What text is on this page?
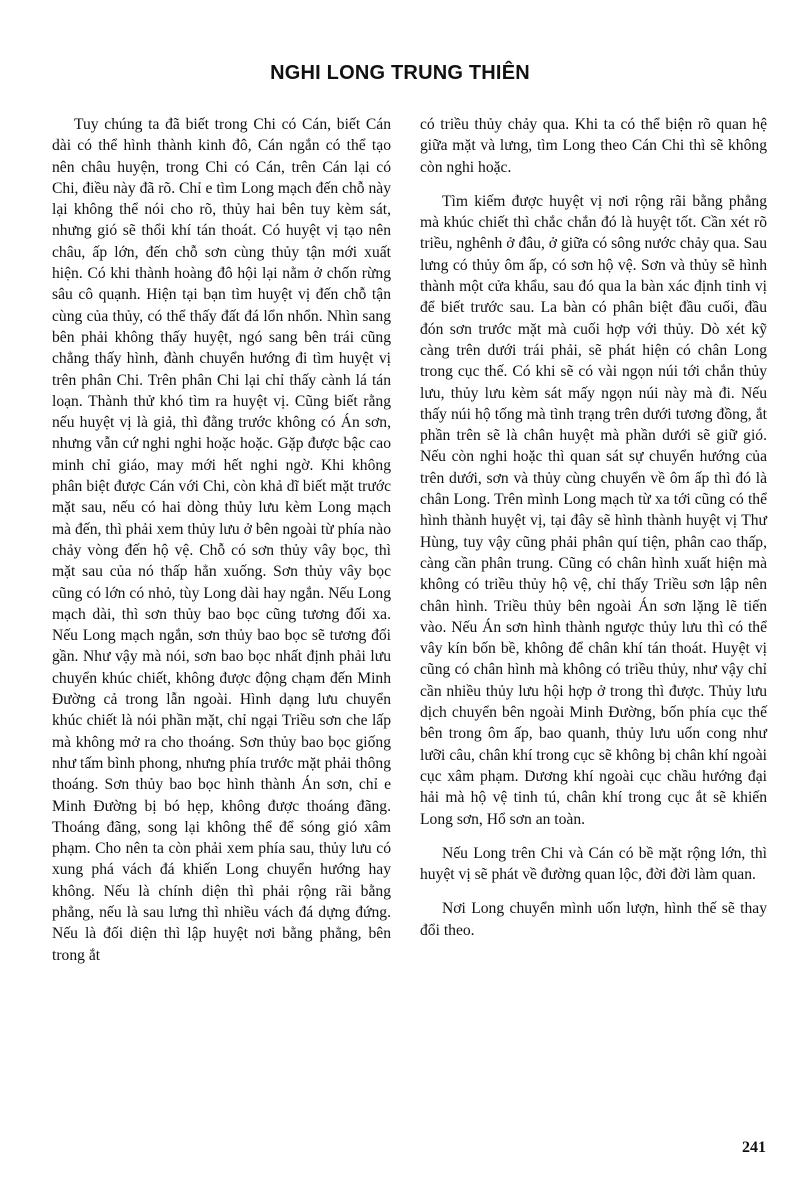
NGHI LONG TRUNG THIÊN

Tuy chúng ta đã biết trong Chi có Cán, biết Cán dài có thể hình thành kinh đô, Cán ngắn có thể tạo nên châu huyện, trong Chi có Cán, trên Cán lại có Chi, điều này đã rõ. Chỉ e tìm Long mạch đến chỗ này lại không thể nói cho rõ, thủy hai bên tuy kèm sát, nhưng gió sẽ thổi khí tán thoát. Có huyệt vị tạo nên châu, ấp lớn, đến chỗ sơn cùng thủy tận mới xuất hiện. Có khi thành hoàng đô hội lại nằm ở chốn rừng sâu cô quạnh. Hiện tại bạn tìm huyệt vị đến chỗ tận cùng của thủy, có thể thấy đất đá lổn nhổn. Nhìn sang bên phải không thấy huyệt, ngó sang bên trái cũng chẳng thấy hình, đành chuyển hướng đi tìm huyệt vị trên phân Chi. Trên phân Chi lại chỉ thấy cành lá tán loạn. Thành thử khó tìm ra huyệt vị. Cũng biết rằng nếu huyệt vị là giả, thì đằng trước không có Án sơn, nhưng vẫn cứ nghi nghi hoặc hoặc. Gặp được bậc cao minh chỉ giáo, may mới hết nghi ngờ. Khi không phân biệt được Cán với Chi, còn khả dĩ biết mặt trước mặt sau, nếu có hai dòng thủy lưu kèm Long mạch mà đến, thì phải xem thủy lưu ở bên ngoài từ phía nào chảy vòng đến hộ vệ. Chỗ có sơn thủy vây bọc, thì mặt sau của nó thấp hẳn xuống. Sơn thủy vây bọc cũng có lớn có nhỏ, tùy Long dài hay ngắn. Nếu Long mạch dài, thì sơn thủy bao bọc cũng tương đối xa. Nếu Long mạch ngắn, sơn thủy bao bọc sẽ tương đối gần. Như vậy mà nói, sơn bao bọc nhất định phải lưu chuyển khúc chiết, không được động chạm đến Minh Đường cả trong lẫn ngoài. Hình dạng lưu chuyển khúc chiết là nói phần mặt, chỉ ngại Triều sơn che lấp mà không mở ra cho thoáng. Sơn thủy bao bọc giống như tấm bình phong, nhưng phía trước mặt phải thông thoáng. Sơn thủy bao bọc hình thành Án sơn, chỉ e Minh Đường bị bó hẹp, không được thoáng đãng. Thoáng đãng, song lại không thể để sóng gió xâm phạm. Cho nên ta còn phải xem phía sau, thủy lưu có xung phá vách đá khiến Long chuyển hướng hay không. Nếu là chính diện thì phải rộng rãi bằng phẳng, nếu là sau lưng thì nhiều vách đá dựng đứng. Nếu là đối diện thì lập huyệt nơi bằng phẳng, bên trong ắt

có triều thủy chảy qua. Khi ta có thể biện rõ quan hệ giữa mặt và lưng, tìm Long theo Cán Chi thì sẽ không còn nghi hoặc.

Tìm kiếm được huyệt vị nơi rộng rãi bằng phẳng mà khúc chiết thì chắc chắn đó là huyệt tốt. Cần xét rõ triều, nghênh ở đâu, ở giữa có sông nước chảy qua. Sau lưng có thủy ôm ấp, có sơn hộ vệ. Sơn và thủy sẽ hình thành một cửa khẩu, sau đó qua la bàn xác định tinh vị để biết trước sau. La bàn có phân biệt đầu cuối, đầu đón sơn trước mặt mà cuối hợp với thủy. Dò xét kỹ càng trên dưới trái phải, sẽ phát hiện có chân Long trong cục thế. Có khi sẽ có vài ngọn núi tới chắn thủy lưu, thủy lưu kèm sát mấy ngọn núi này mà đi. Nếu thấy núi hộ tống mà tình trạng trên dưới tương đồng, ắt phần trên sẽ là chân huyệt mà phần dưới sẽ giữ gió. Nếu còn nghi hoặc thì quan sát sự chuyển hướng của trên dưới, sơn và thủy cùng chuyển về ôm ấp thì đó là chân Long. Trên mình Long mạch từ xa tới cũng có thể hình thành huyệt vị, tại đây sẽ hình thành huyệt vị Thư Hùng, tuy vậy cũng phải phân quí tiện, phân cao thấp, càng cần phân trung. Cũng có chân hình xuất hiện mà không có triều thủy hộ vệ, chỉ thấy Triều sơn lập nên chân hình. Triều thủy bên ngoài Án sơn lặng lẽ tiến vào. Nếu Án sơn hình thành ngược thủy lưu thì có thể vây kín bốn bề, không để chân khí tán thoát. Huyệt vị cũng có chân hình mà không có triều thủy, như vậy chỉ cần nhiều thủy lưu hội hợp ở trong thì được. Thủy lưu dịch chuyển bên ngoài Minh Đường, bốn phía cục thế bên trong ôm ấp, bao quanh, thủy lưu uốn cong như lưỡi câu, chân khí trong cục sẽ không bị chân khí ngoài cục xâm phạm. Dương khí ngoài cục chầu hướng đại hải mà hộ vệ tinh tú, chân khí trong cục ắt sẽ khiến Long sơn, Hổ sơn an toàn.

Nếu Long trên Chi và Cán có bề mặt rộng lớn, thì huyệt vị sẽ phát về đường quan lộc, đời đời làm quan.

Nơi Long chuyển mình uốn lượn, hình thế sẽ thay đổi theo.

241
